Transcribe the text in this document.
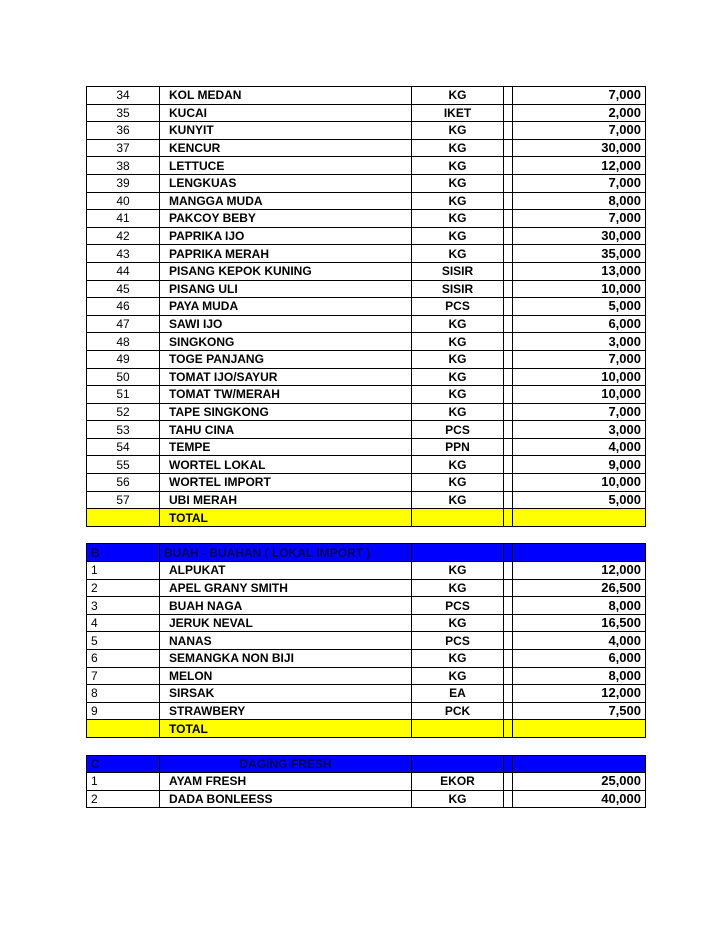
34	KOL MEDAN	KG		7,000
35	KUCAI	IKET		2,000
36	KUNYIT	KG		7,000
37	KENCUR	KG		30,000
38	LETTUCE	KG		12,000
39	LENGKUAS	KG		7,000
40	MANGGA MUDA	KG		8,000
41	PAKCOY BEBY	KG		7,000
42	PAPRIKA IJO	KG		30,000
43	PAPRIKA MERAH	KG		35,000
44	PISANG KEPOK KUNING	SISIR		13,000
45	PISANG ULI	SISIR		10,000
46	PAYA MUDA	PCS		5,000
47	SAWI IJO	KG		6,000
48	SINGKONG	KG		3,000
49	TOGE PANJANG	KG		7,000
50	TOMAT IJO/SAYUR	KG		10,000
51	TOMAT TW/MERAH	KG		10,000
52	TAPE SINGKONG	KG		7,000
53	TAHU CINA	PCS		3,000
54	TEMPE	PPN		4,000
55	WORTEL LOKAL	KG		9,000
56	WORTEL IMPORT	KG		10,000
57	UBI MERAH	KG		5,000
	TOTAL			

B	BUAH - BUAHAN ( LOKAL IMPORT )			
1	ALPUKAT	KG		12,000
2	APEL GRANY SMITH	KG		26,500
3	BUAH NAGA	PCS		8,000
4	JERUK NEVAL	KG		16,500
5	NANAS	PCS		4,000
6	SEMANGKA NON BIJI	KG		6,000
7	MELON	KG		8,000
8	SIRSAK	EA		12,000
9	STRAWBERY	PCK		7,500
	TOTAL			

C	DAGING FRESH			
1	AYAM FRESH	EKOR		25,000
2	DADA BONLEESS	KG		40,000
